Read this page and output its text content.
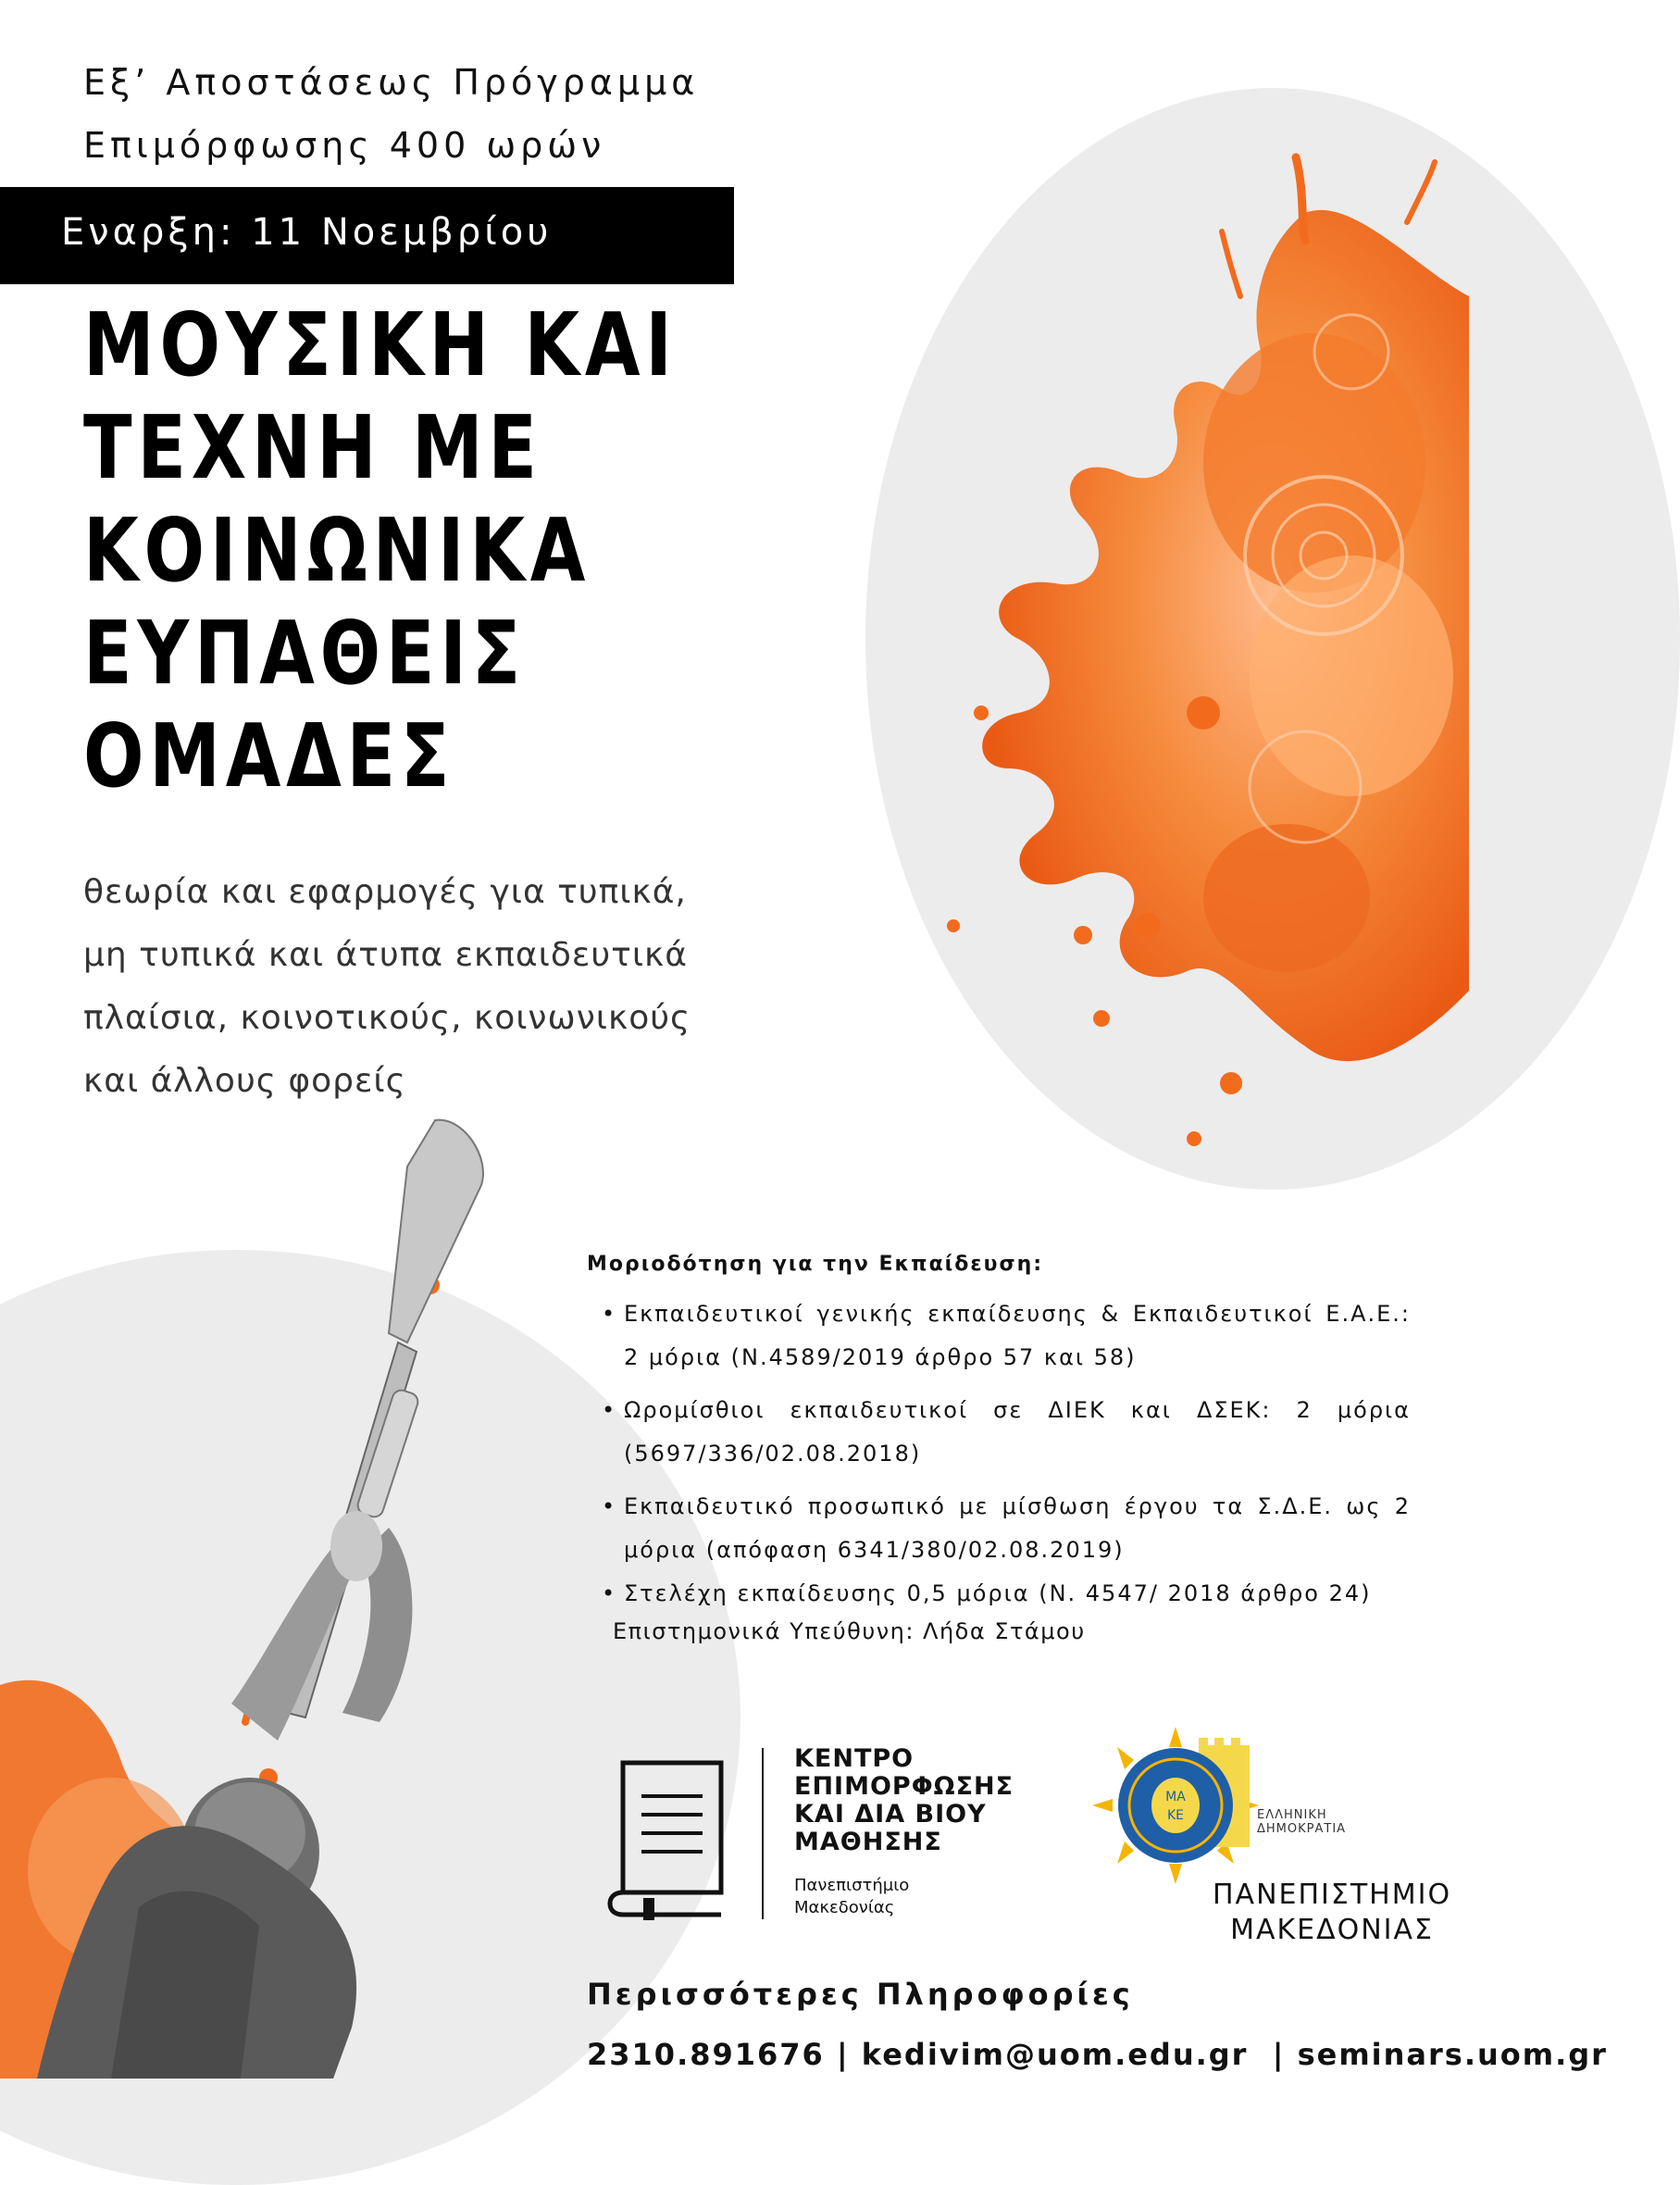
Εξ’ Αποστάσεως Πρόγραμμα
Επιμόρφωσης 400 ωρών
Εναρξη: 11 Νοεμβρίου
ΜΟΥΣΙΚΗ ΚΑΙ
ΤΕΧΝΗ ΜΕ
ΚΟΙΝΩΝΙΚΑ
ΕΥΠΑΘΕΙΣ
ΟΜΑΔΕΣ
θεωρία και εφαρμογές για τυπικά,
μη τυπικά και άτυπα εκπαιδευτικά
πλαίσια, κοινοτικούς, κοινωνικούς
και άλλους φορείς
Μοριοδότηση για την Εκπαίδευση:
• Εκπαιδευτικοί γενικής εκπαίδευσης & Εκπαιδευτικοί Ε.Α.Ε.: 2 μόρια (Ν.4589/2019 άρθρο 57 και 58)
• Ωρομίσθιοι εκπαιδευτικοί σε ΔΙΕΚ και ΔΣΕΚ: 2 μόρια (5697/336/02.08.2018)
• Εκπαιδευτικό προσωπικό με μίσθωση έργου τα Σ.Δ.Ε. ως 2 μόρια (απόφαση 6341/380/02.08.2019)
• Στελέχη εκπαίδευσης 0,5 μόρια (Ν. 4547/ 2018 άρθρο 24)
Επιστημονικά Υπεύθυνη: Λήδα Στάμου
ΚΕΝΤΡΟ
ΕΠΙΜΟΡΦΩΣΗΣ
ΚΑΙ ΔΙΑ ΒΙΟΥ
ΜΑΘΗΣΗΣ
Πανεπιστήμιο
Μακεδονίας
ΜΑ
ΚΕ	ΕΛΛΗΝΙΚΗ
ΔΗΜΟΚΡΑΤΙΑ
ΠΑΝΕΠΙΣΤΗΜΙΟ
ΜΑΚΕΔΟΝΙΑΣ
Περισσότερες Πληροφορίες
2310.891676 | kedivim@uom.edu.gr | seminars.uom.gr
